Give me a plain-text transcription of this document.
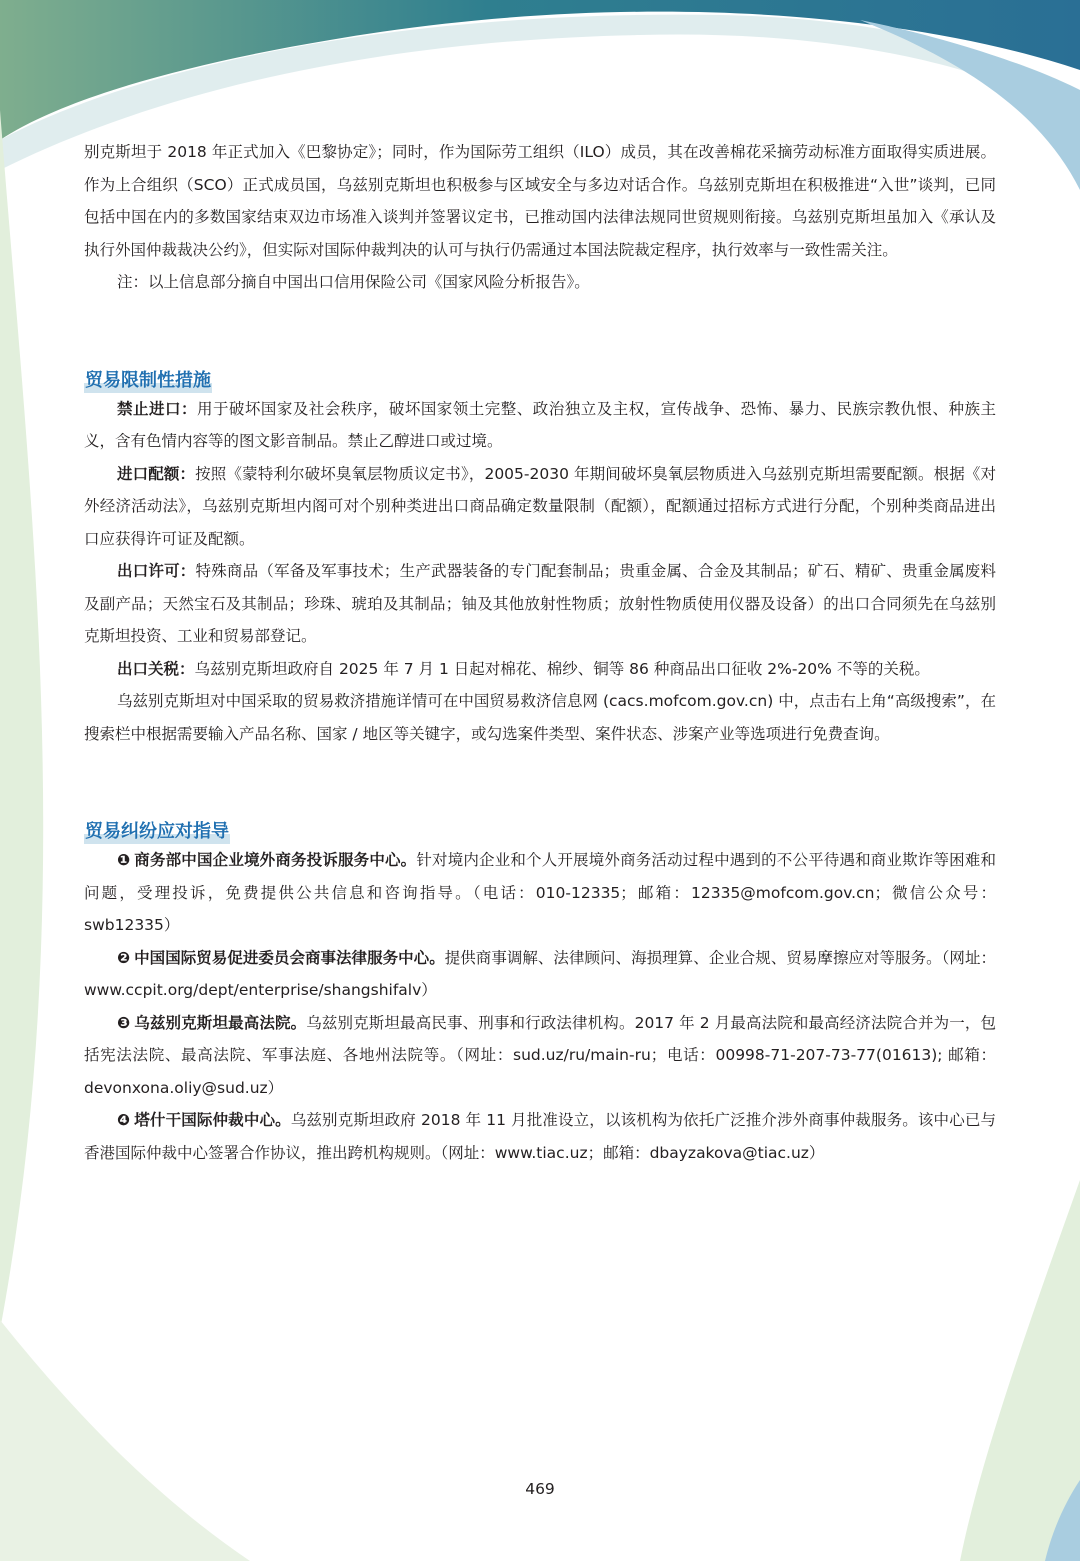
别克斯坦于 2018 年正式加入《巴黎协定》；同时，作为国际劳工组织（ILO）成员，其在改善棉花采摘劳动标准方面取得实质进展。作为上合组织（SCO）正式成员国，乌兹别克斯坦也积极参与区域安全与多边对话合作。乌兹别克斯坦在积极推进“入世”谈判，已同包括中国在内的多数国家结束双边市场准入谈判并签署议定书，已推动国内法律法规同世贸规则衔接。乌兹别克斯坦虽加入《承认及执行外国仲裁裁决公约》，但实际对国际仲裁判决的认可与执行仍需通过本国法院裁定程序，执行效率与一致性需关注。

注：以上信息部分摘自中国出口信用保险公司《国家风险分析报告》。

贸易限制性措施

禁止进口：用于破坏国家及社会秩序，破坏国家领土完整、政治独立及主权，宣传战争、恐怖、暴力、民族宗教仇恨、种族主义，含有色情内容等的图文影音制品。禁止乙醇进口或过境。

进口配额：按照《蒙特利尔破坏臭氧层物质议定书》，2005-2030 年期间破坏臭氧层物质进入乌兹别克斯坦需要配额。根据《对外经济活动法》，乌兹别克斯坦内阁可对个别种类进出口商品确定数量限制（配额），配额通过招标方式进行分配，个别种类商品进出口应获得许可证及配额。

出口许可：特殊商品（军备及军事技术；生产武器装备的专门配套制品；贵重金属、合金及其制品；矿石、精矿、贵重金属废料及副产品；天然宝石及其制品；珍珠、琥珀及其制品；铀及其他放射性物质；放射性物质使用仪器及设备）的出口合同须先在乌兹别克斯坦投资、工业和贸易部登记。

出口关税：乌兹别克斯坦政府自 2025 年 7 月 1 日起对棉花、棉纱、铜等 86 种商品出口征收 2%-20% 不等的关税。

乌兹别克斯坦对中国采取的贸易救济措施详情可在中国贸易救济信息网 (cacs.mofcom.gov.cn) 中，点击右上角“高级搜索”，在搜索栏中根据需要输入产品名称、国家 / 地区等关键字，或勾选案件类型、案件状态、涉案产业等选项进行免费查询。

贸易纠纷应对指导

❶ 商务部中国企业境外商务投诉服务中心。针对境内企业和个人开展境外商务活动过程中遇到的不公平待遇和商业欺诈等困难和问题，受理投诉，免费提供公共信息和咨询指导。（电话：010-12335；邮箱：12335@mofcom.gov.cn；微信公众号：swb12335）

❷ 中国国际贸易促进委员会商事法律服务中心。提供商事调解、法律顾问、海损理算、企业合规、贸易摩擦应对等服务。（网址：www.ccpit.org/dept/enterprise/shangshifalv）

❸ 乌兹别克斯坦最高法院。乌兹别克斯坦最高民事、刑事和行政法律机构。2017 年 2 月最高法院和最高经济法院合并为一，包括宪法法院、最高法院、军事法庭、各地州法院等。（网址：sud.uz/ru/main-ru；电话：00998-71-207-73-77(01613); 邮箱：devonxona.oliy@sud.uz）

❹ 塔什干国际仲裁中心。乌兹别克斯坦政府 2018 年 11 月批准设立，以该机构为依托广泛推介涉外商事仲裁服务。该中心已与香港国际仲裁中心签署合作协议，推出跨机构规则。（网址：www.tiac.uz；邮箱：dbayzakova@tiac.uz）

469
